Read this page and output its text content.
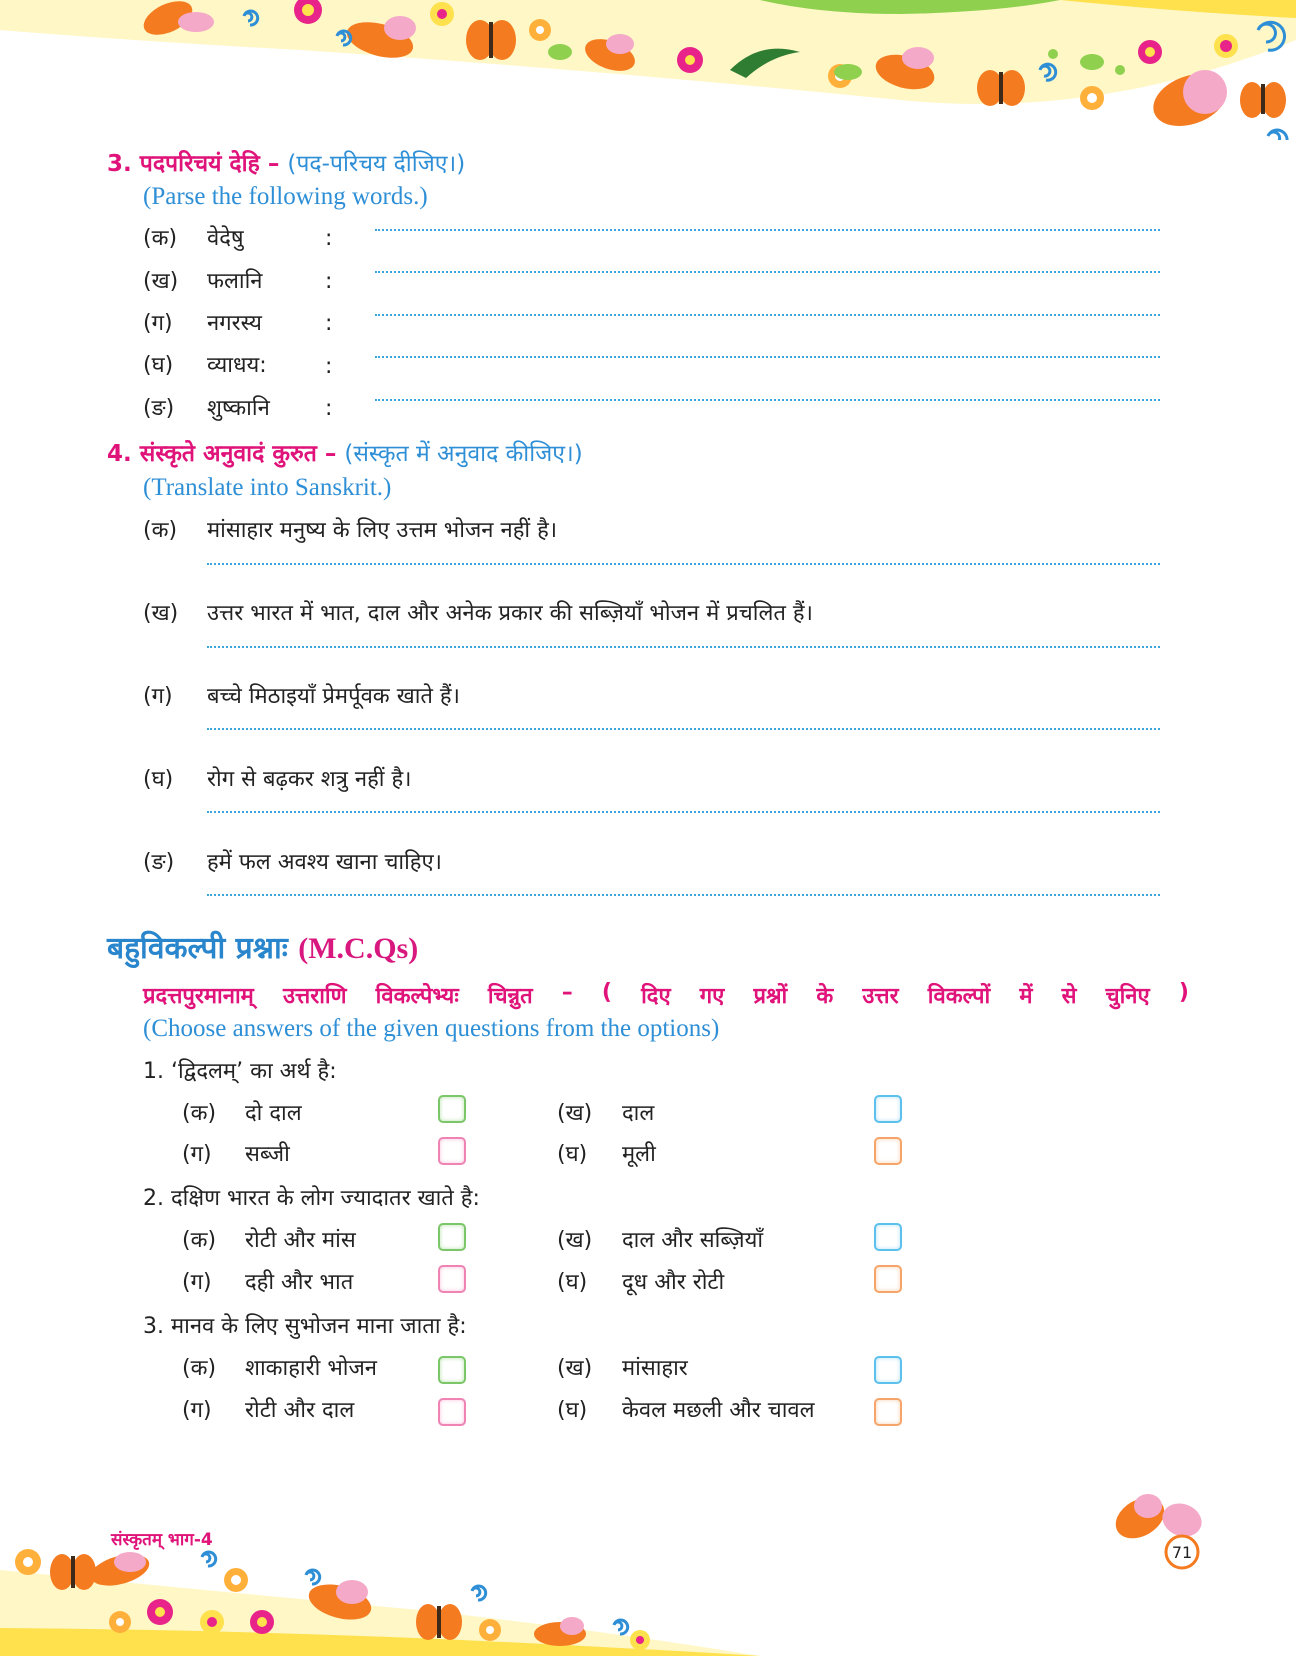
3. पदपरिचयं देहि – (पद-परिचय दीजिए।)
(Parse the following words.)
(क) वेदेषु	:
(ख) फलानि	:
(ग) नगरस्य	:
(घ) व्याधय:	:
(ङ) शुष्कानि	:
4. संस्कृते अनुवादं कुरुत – (संस्कृत में अनुवाद कीजिए।)
(Translate into Sanskrit.)
(क) मांसाहार मनुष्य के लिए उत्तम भोजन नहीं है।
(ख) उत्तर भारत में भात, दाल और अनेक प्रकार की सब्ज़ियाँ भोजन में प्रचलित हैं।
(ग) बच्चे मिठाइयाँ प्रेमर्पूवक खाते हैं।
(घ) रोग से बढ़कर शत्रु नहीं है।
(ङ) हमें फल अवश्य खाना चाहिए।
बहुविकल्पी प्रश्नाः (M.C.Qs)
प्रदत्तपुरमानाम् उत्तराणि विकल्पेभ्यः चिन्नुत – ( दिए गए प्रश्नों के उत्तर विकल्पों में से चुनिए )
(Choose answers of the given questions from the options)
1. ‘द्विदलम्’ का अर्थ है:
(क) दो दाल	(ख) दाल
(ग) सब्जी	(घ) मूली
2. दक्षिण भारत के लोग ज्यादातर खाते है:
(क) रोटी और मांस	(ख) दाल और सब्ज़ियाँ
(ग) दही और भात	(घ) दूध और रोटी
3. मानव के लिए सुभोजन माना जाता है:
(क) शाकाहारी भोजन	(ख) मांसाहार
(ग) रोटी और दाल	(घ) केवल मछली और चावल
संस्कृतम् भाग-4
71
